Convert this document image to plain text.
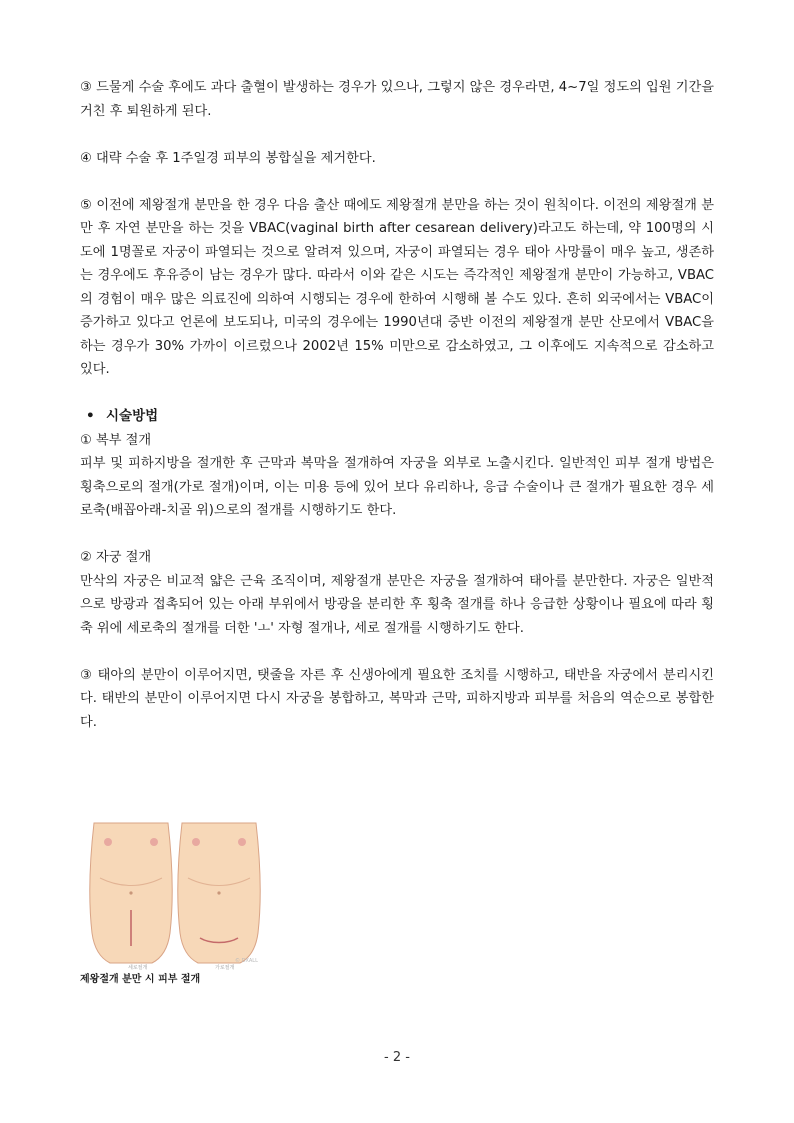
③ 드물게 수술 후에도 과다 출혈이 발생하는 경우가 있으나, 그렇지 않은 경우라면, 4~7일 정도의 입원 기간을 거친 후 퇴원하게 된다.

④ 대략 수술 후 1주일경 피부의 봉합실을 제거한다.

⑤ 이전에 제왕절개 분만을 한 경우 다음 출산 때에도 제왕절개 분만을 하는 것이 원칙이다. 이전의 제왕절개 분만 후 자연 분만을 하는 것을 VBAC(vaginal birth after cesarean delivery)라고도 하는데, 약 100명의 시도에 1명꼴로 자궁이 파열되는 것으로 알려져 있으며, 자궁이 파열되는 경우 태아 사망률이 매우 높고, 생존하는 경우에도 후유증이 남는 경우가 많다. 따라서 이와 같은 시도는 즉각적인 제왕절개 분만이 가능하고, VBAC의 경험이 매우 많은 의료진에 의하여 시행되는 경우에 한하여 시행해 볼 수도 있다. 흔히 외국에서는 VBAC이 증가하고 있다고 언론에 보도되나, 미국의 경우에는 1990년대 중반 이전의 제왕절개 분만 산모에서 VBAC을 하는 경우가 30% 가까이 이르렀으나 2002년 15% 미만으로 감소하였고, 그 이후에도 지속적으로 감소하고 있다.

• 시술방법

① 복부 절개

피부 및 피하지방을 절개한 후 근막과 복막을 절개하여 자궁을 외부로 노출시킨다. 일반적인 피부 절개 방법은 횡축으로의 절개(가로 절개)이며, 이는 미용 등에 있어 보다 유리하나, 응급 수술이나 큰 절개가 필요한 경우 세로축(배꼽아래-치골 위)으로의 절개를 시행하기도 한다.

② 자궁 절개

만삭의 자궁은 비교적 얇은 근육 조직이며, 제왕절개 분만은 자궁을 절개하여 태아를 분만한다. 자궁은 일반적으로 방광과 접촉되어 있는 아래 부위에서 방광을 분리한 후 횡축 절개를 하나 응급한 상황이나 필요에 따라 횡축 위에 세로축의 절개를 더한 'ㅗ' 자형 절개나, 세로 절개를 시행하기도 한다.

③ 태아의 분만이 이루어지면, 탯줄을 자른 후 신생아에게 필요한 조치를 시행하고, 태반을 자궁에서 분리시킨다. 태반의 분만이 이루어지면 다시 자궁을 봉합하고, 복막과 근막, 피하지방과 피부를 처음의 역순으로 봉합한다.

세로절개	가로절개
© DXALL
제왕절개 분만 시 피부 절개
- 2 -
